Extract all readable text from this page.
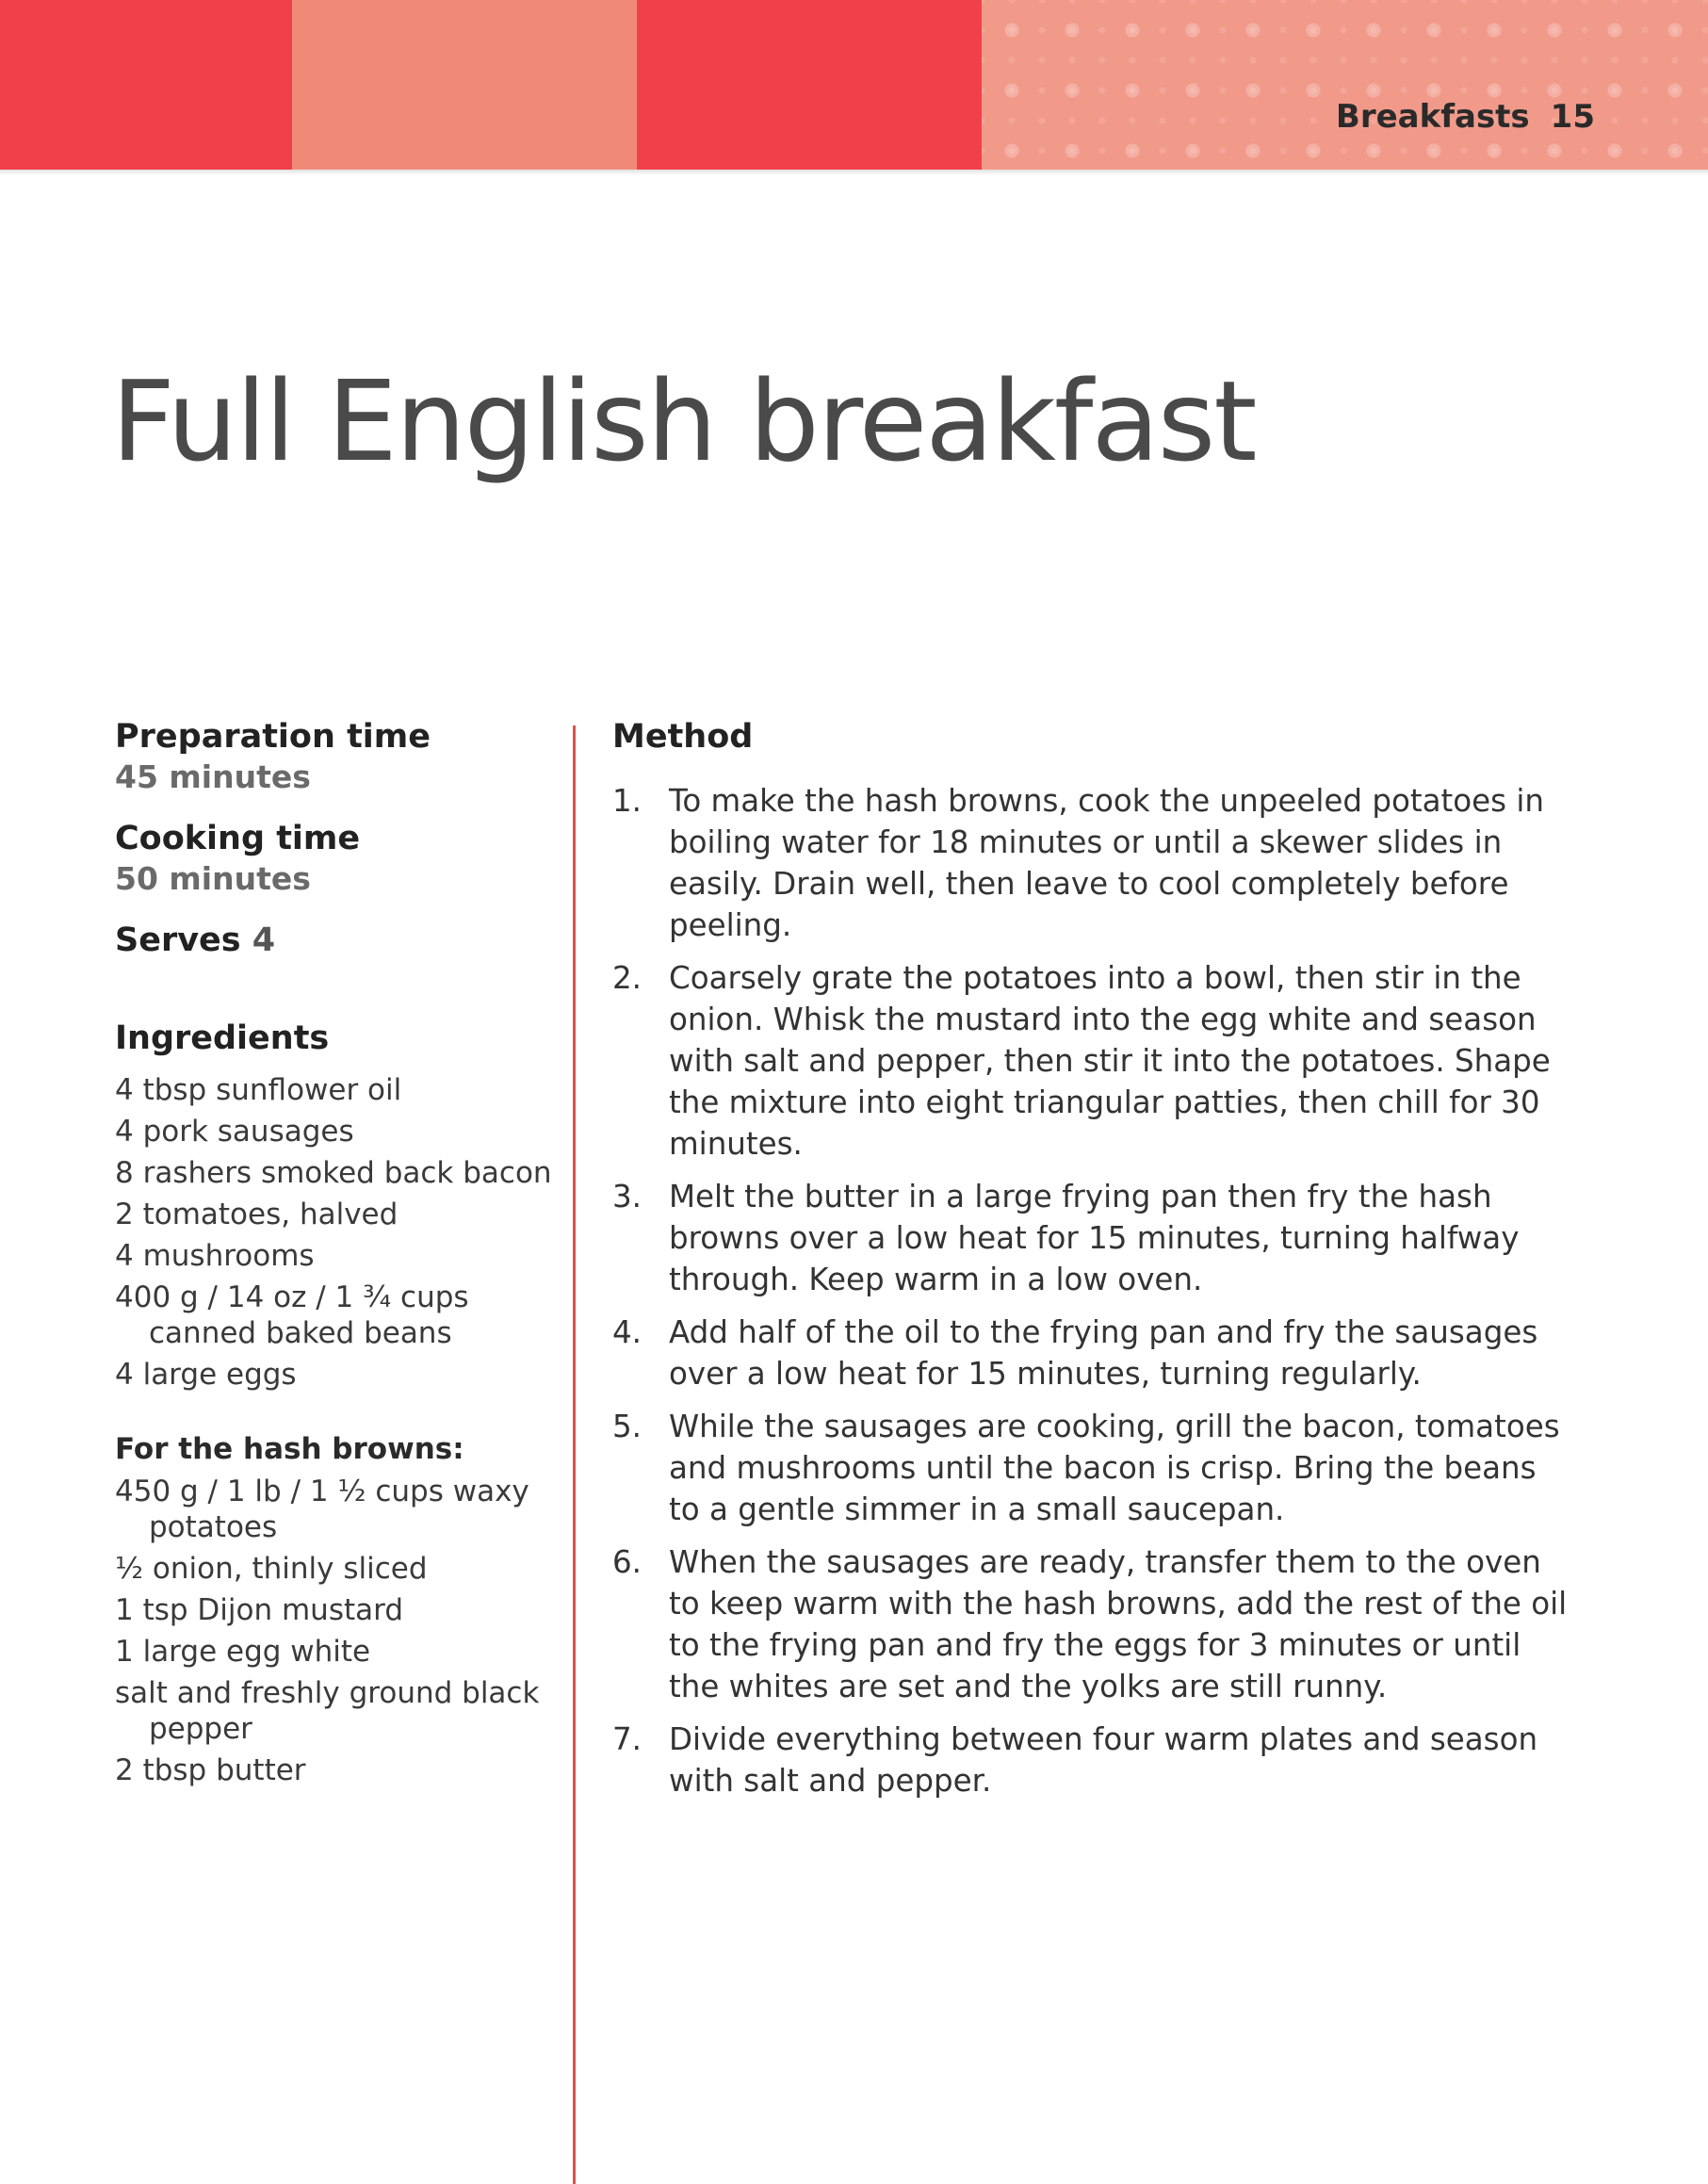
Breakfasts 15
Full English breakfast
Preparation time
45 minutes
Cooking time
50 minutes
Serves 4
Ingredients
4 tbsp sunflower oil
4 pork sausages
8 rashers smoked back bacon
2 tomatoes, halved
4 mushrooms
400 g / 14 oz / 1 ¾ cups canned baked beans
4 large eggs
For the hash browns:
450 g / 1 lb / 1 ½ cups waxy potatoes
½ onion, thinly sliced
1 tsp Dijon mustard
1 large egg white
salt and freshly ground black pepper
2 tbsp butter
Method
1. To make the hash browns, cook the unpeeled potatoes in boiling water for 18 minutes or until a skewer slides in easily. Drain well, then leave to cool completely before peeling.
2. Coarsely grate the potatoes into a bowl, then stir in the onion. Whisk the mustard into the egg white and season with salt and pepper, then stir it into the potatoes. Shape the mixture into eight triangular patties, then chill for 30 minutes.
3. Melt the butter in a large frying pan then fry the hash browns over a low heat for 15 minutes, turning halfway through. Keep warm in a low oven.
4. Add half of the oil to the frying pan and fry the sausages over a low heat for 15 minutes, turning regularly.
5. While the sausages are cooking, grill the bacon, tomatoes and mushrooms until the bacon is crisp. Bring the beans to a gentle simmer in a small saucepan.
6. When the sausages are ready, transfer them to the oven to keep warm with the hash browns, add the rest of the oil to the frying pan and fry the eggs for 3 minutes or until the whites are set and the yolks are still runny.
7. Divide everything between four warm plates and season with salt and pepper.
